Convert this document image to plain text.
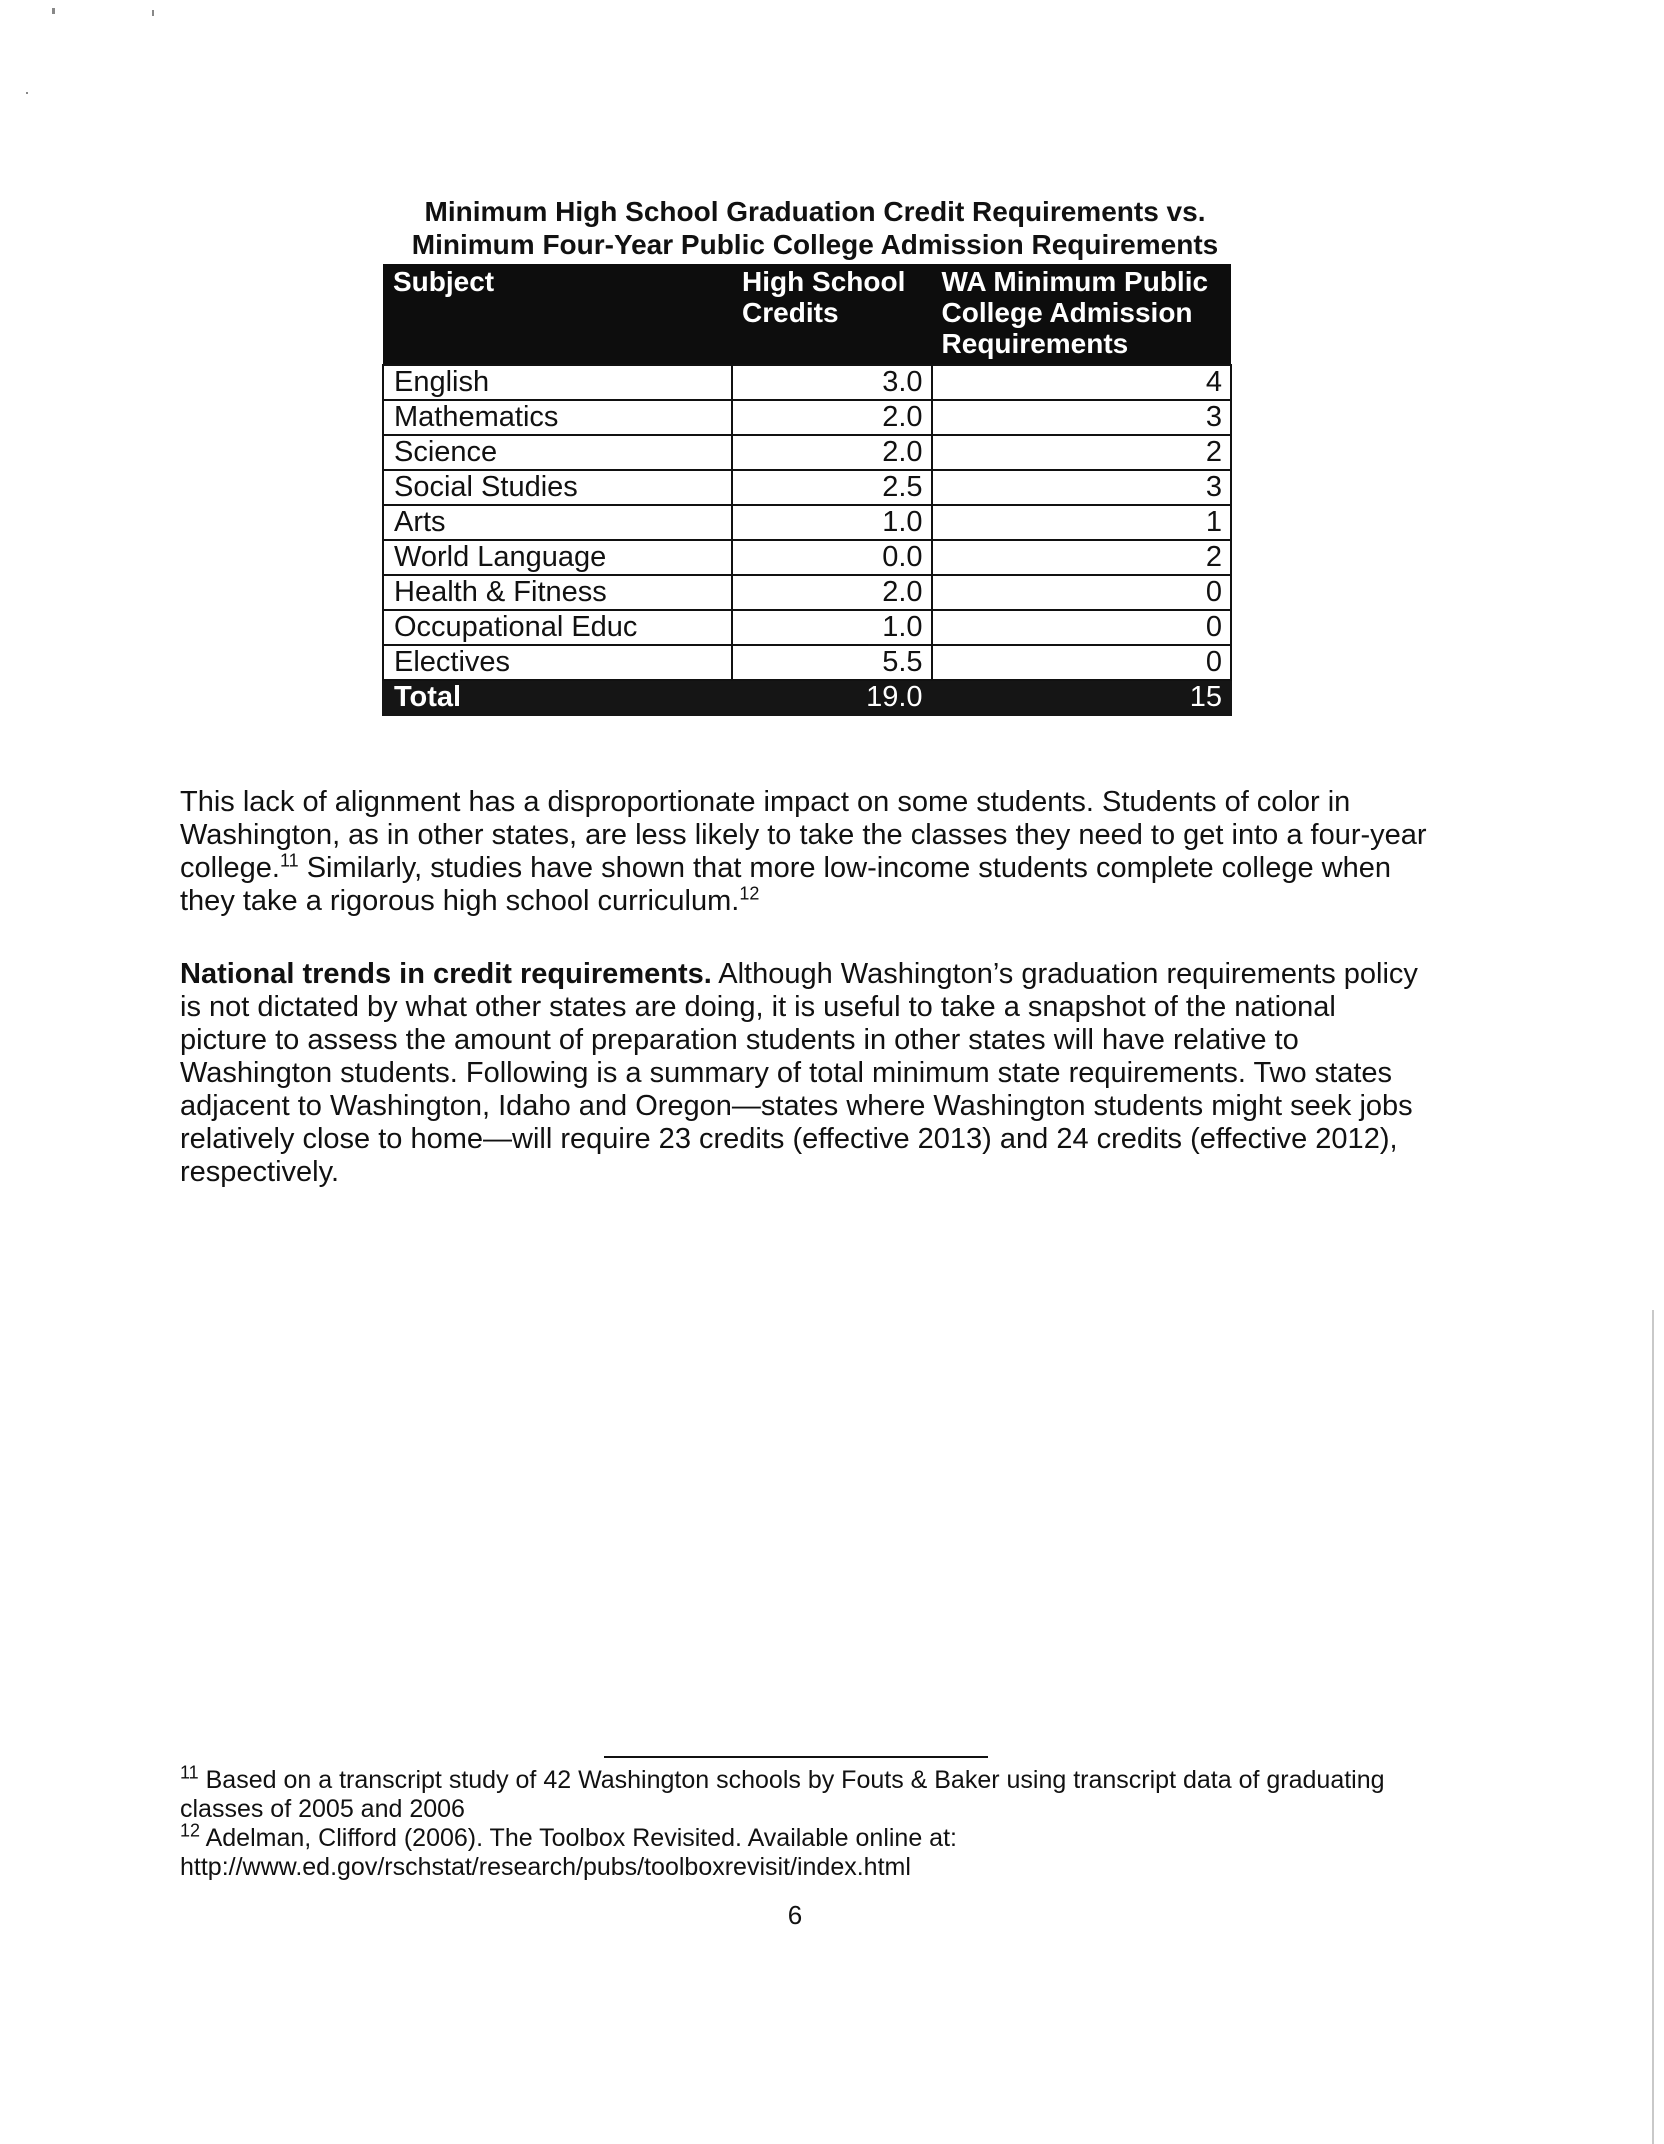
Minimum High School Graduation Credit Requirements vs. Minimum Four-Year Public College Admission Requirements
Subject	High School Credits	WA Minimum Public College Admission Requirements
English	3.0	4
Mathematics	2.0	3
Science	2.0	2
Social Studies	2.5	3
Arts	1.0	1
World Language	0.0	2
Health & Fitness	2.0	0
Occupational Educ	1.0	0
Electives	5.5	0
Total	19.0	15
This lack of alignment has a disproportionate impact on some students. Students of color in Washington, as in other states, are less likely to take the classes they need to get into a four-year college.$^{11}$ Similarly, studies have shown that more low-income students complete college when they take a rigorous high school curriculum.$^{12}$
National trends in credit requirements. Although Washington’s graduation requirements policy is not dictated by what other states are doing, it is useful to take a snapshot of the national picture to assess the amount of preparation students in other states will have relative to Washington students. Following is a summary of total minimum state requirements. Two states adjacent to Washington, Idaho and Oregon—states where Washington students might seek jobs relatively close to home—will require 23 credits (effective 2013) and 24 credits (effective 2012), respectively.

$^{11}$ Based on a transcript study of 42 Washington schools by Fouts & Baker using transcript data of graduating classes of 2005 and 2006

$^{12}$ Adelman, Clifford (2006). The Toolbox Revisited. Available online at: http://www.ed.gov/rschstat/research/pubs/toolboxrevisit/index.html

6
